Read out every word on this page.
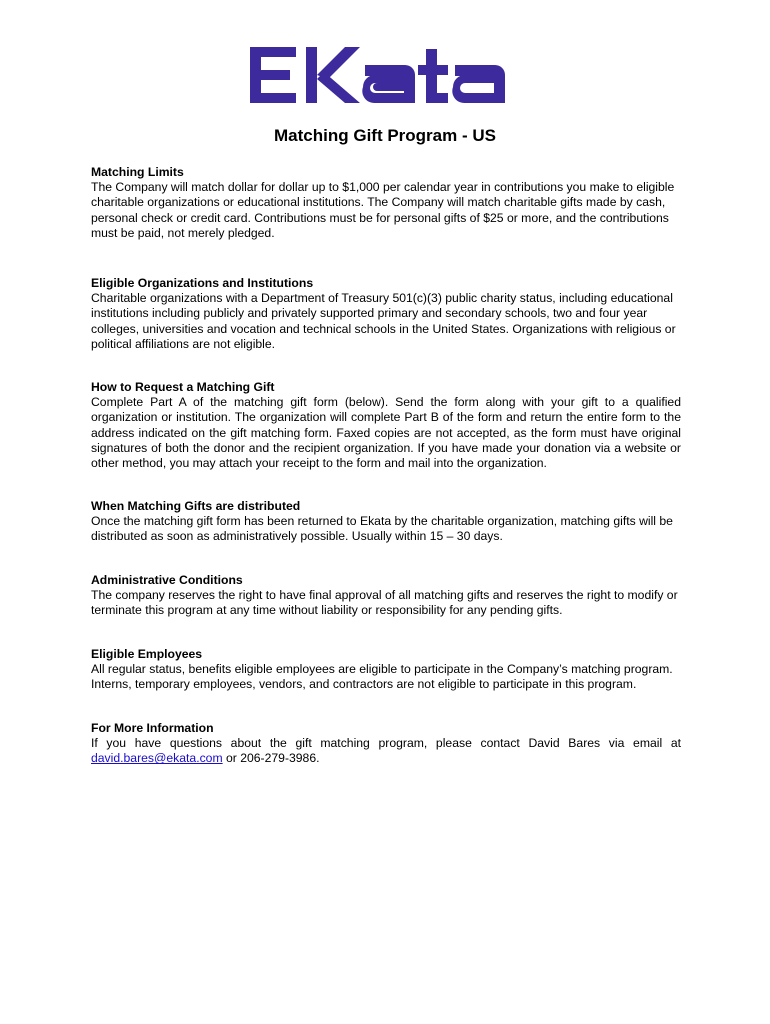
Matching Gift Program - US
Matching Limits

The Company will match dollar for dollar up to $1,000 per calendar year in contributions you make to eligible charitable organizations or educational institutions. The Company will match charitable gifts made by cash, personal check or credit card. Contributions must be for personal gifts of $25 or more, and the contributions must be paid, not merely pledged.

Eligible Organizations and Institutions

Charitable organizations with a Department of Treasury 501(c)(3) public charity status, including educational institutions including publicly and privately supported primary and secondary schools, two and four year colleges, universities and vocation and technical schools in the United States. Organizations with religious or political affiliations are not eligible.

How to Request a Matching Gift

Complete Part A of the matching gift form (below). Send the form along with your gift to a qualified organization or institution. The organization will complete Part B of the form and return the entire form to the address indicated on the gift matching form. Faxed copies are not accepted, as the form must have original signatures of both the donor and the recipient organization. If you have made your donation via a website or other method, you may attach your receipt to the form and mail into the organization.

When Matching Gifts are distributed

Once the matching gift form has been returned to Ekata by the charitable organization, matching gifts will be distributed as soon as administratively possible. Usually within 15 – 30 days.

Administrative Conditions

The company reserves the right to have final approval of all matching gifts and reserves the right to modify or terminate this program at any time without liability or responsibility for any pending gifts.

Eligible Employees

All regular status, benefits eligible employees are eligible to participate in the Company’s matching program. Interns, temporary employees, vendors, and contractors are not eligible to participate in this program.

For More Information

If you have questions about the gift matching program, please contact David Bares via email at david.bares@ekata.com or 206-279-3986.
